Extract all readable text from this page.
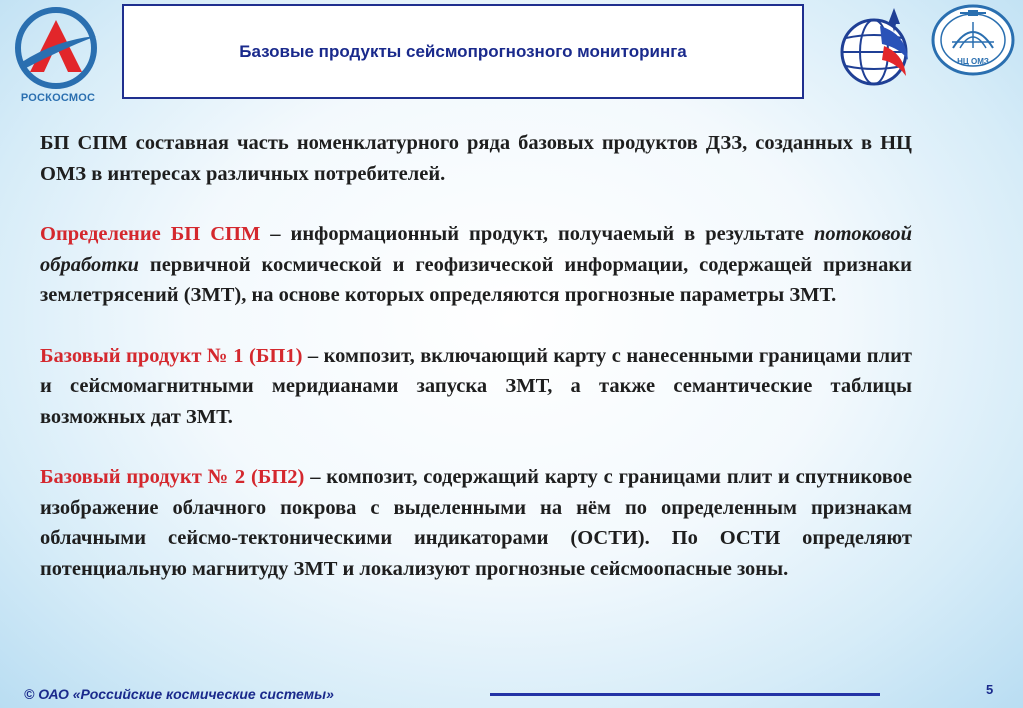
РОСКОСМОС
Базовые продукты сейсмопрогнозного мониторинга
НЦ ОМЗ

БП СПМ составная часть номенклатурного ряда базовых продуктов ДЗЗ, созданных в НЦ ОМЗ в интересах различных потребителей.

Определение БП СПМ – информационный продукт, получаемый в результате потоковой обработки первичной космической и геофизической информации, содержащей признаки землетрясений (ЗМТ), на основе которых определяются прогнозные параметры ЗМТ.

Базовый продукт № 1 (БП1) – композит, включающий карту с нанесенными границами плит и сейсмомагнитными меридианами запуска ЗМТ, а также семантические таблицы возможных дат ЗМТ.

Базовый продукт № 2 (БП2) – композит, содержащий карту с границами плит и спутниковое изображение облачного покрова с выделенными на нём по определенным признакам облачными сейсмо-тектоническими индикаторами (ОСТИ). По ОСТИ определяют потенциальную магнитуду ЗМТ и локализуют прогнозные сейсмоопасные зоны.

© ОАО «Российские космические системы»	5
